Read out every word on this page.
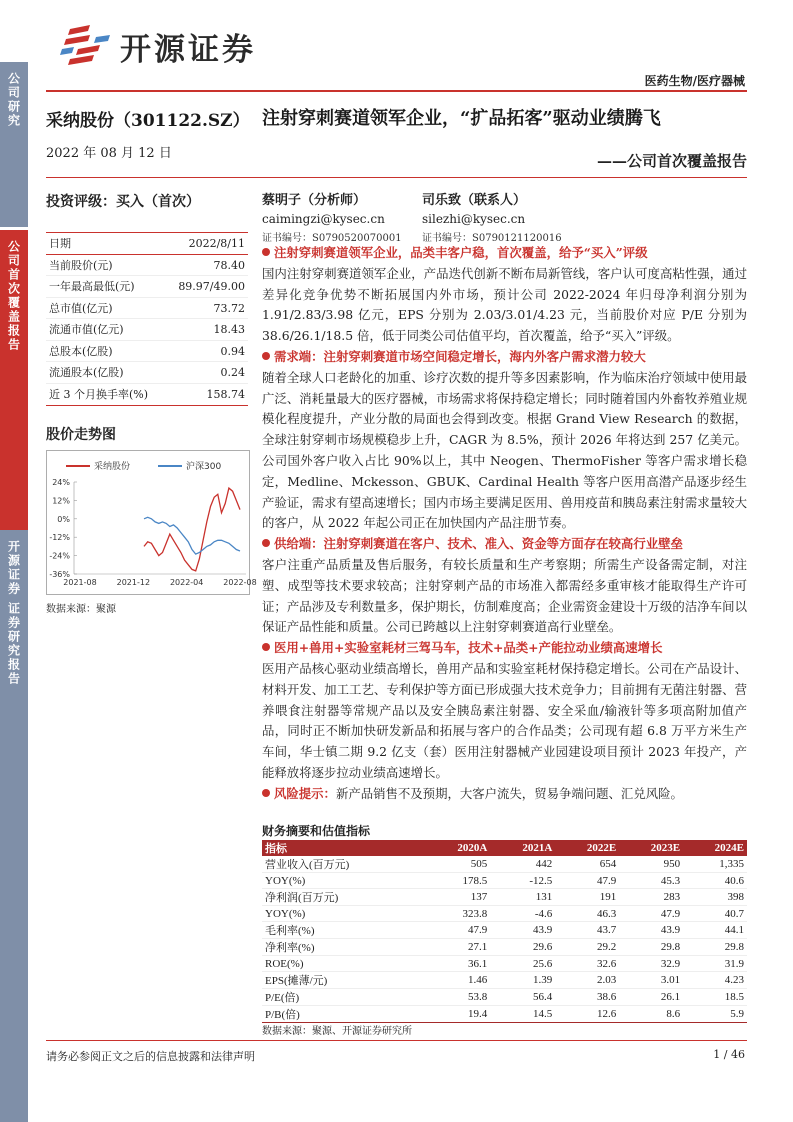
公司研究
公司首次覆盖报告
开源证券 证券研究报告
开源证券
医药生物/医疗器械
采纳股份（301122.SZ）
2022 年 08 月 12 日
注射穿刺赛道领军企业，“扩品拓客”驱动业绩腾飞
——公司首次覆盖报告
投资评级：买入（首次）	蔡明子（分析师）
caimingzi@kysec.cn
证书编号：S0790520070001
司乐致（联系人）
silezhi@kysec.cn
证书编号：S0790121120016
日期	2022/8/11
当前股价(元)	78.40
一年最高最低(元)	89.97/49.00
总市值(亿元)	73.72
流通市值(亿元)	18.43
总股本(亿股)	0.94
流通股本(亿股)	0.24
近 3 个月换手率(%)	158.74
股价走势图
采纳股份	沪深300
24%
12%
0%
-12%
-24%
-36%
2021-08 2021-12 2022-04 2022-08
数据来源：聚源
注射穿刺赛道领军企业，品类丰客户稳，首次覆盖，给予“买入”评级
国内注射穿刺赛道领军企业，产品迭代创新不断布局新管线，客户认可度高粘性强，通过差异化竞争优势不断拓展国内外市场，预计公司 2022-2024 年归母净利润分别为 1.91/2.83/3.98 亿元，EPS 分别为 2.03/3.01/4.23 元，当前股价对应 P/E 分别为 38.6/26.1/18.5 倍，低于同类公司估值平均，首次覆盖，给予“买入”评级。
需求端：注射穿刺赛道市场空间稳定增长，海内外客户需求潜力较大
随着全球人口老龄化的加重、诊疗次数的提升等多因素影响，作为临床治疗领域中使用最广泛、消耗量最大的医疗器械，市场需求将保持稳定增长；同时随着国内外畜牧养殖业规模化程度提升，产业分散的局面也会得到改变。根据 Grand View Research 的数据，全球注射穿刺市场规模稳步上升，CAGR 为 8.5%，预计 2026 年将达到 257 亿美元。公司国外客户收入占比 90%以上，其中 Neogen、ThermoFisher 等客户需求增长稳定，Medline、Mckesson、GBUK、Cardinal Health 等客户医用高潜产品逐步经生产验证，需求有望高速增长；国内市场主要满足医用、兽用疫苗和胰岛素注射需求量较大的客户，从 2022 年起公司正在加快国内产品注册节奏。
供给端：注射穿刺赛道在客户、技术、准入、资金等方面存在较高行业壁垒
客户注重产品质量及售后服务，有较长质量和生产考察期；所需生产设备需定制，对注塑、成型等技术要求较高；注射穿刺产品的市场准入都需经多重审核才能取得生产许可证；产品涉及专利数量多，保护期长，仿制难度高；企业需资金建设十万级的洁净车间以保证产品性能和质量。公司已跨越以上注射穿刺赛道高行业壁垒。
医用+兽用+实验室耗材三驾马车，技术+品类+产能拉动业绩高速增长
医用产品核心驱动业绩高增长，兽用产品和实验室耗材保持稳定增长。公司在产品设计、材料开发、加工工艺、专利保护等方面已形成强大技术竞争力；目前拥有无菌注射器、营养喂食注射器等常规产品以及安全胰岛素注射器、安全采血/输液针等多项高附加值产品，同时正不断加快研发新品和拓展与客户的合作品类；公司现有超 6.8 万平方米生产车间，华士镇二期 9.2 亿支（套）医用注射器械产业园建设项目预计 2023 年投产，产能释放将逐步拉动业绩高速增长。
风险提示：新产品销售不及预期，大客户流失，贸易争端问题、汇兑风险。
财务摘要和估值指标
指标	2020A	2021A	2022E	2023E	2024E
营业收入(百万元)	505	442	654	950	1,335
YOY(%)	178.5	-12.5	47.9	45.3	40.6
净利润(百万元)	137	131	191	283	398
YOY(%)	323.8	-4.6	46.3	47.9	40.7
毛利率(%)	47.9	43.9	43.7	43.9	44.1
净利率(%)	27.1	29.6	29.2	29.8	29.8
ROE(%)	36.1	25.6	32.6	32.9	31.9
EPS(摊薄/元)	1.46	1.39	2.03	3.01	4.23
P/E(倍)	53.8	56.4	38.6	26.1	18.5
P/B(倍)	19.4	14.5	12.6	8.6	5.9
数据来源：聚源、开源证券研究所
请务必参阅正文之后的信息披露和法律声明	1 / 46
